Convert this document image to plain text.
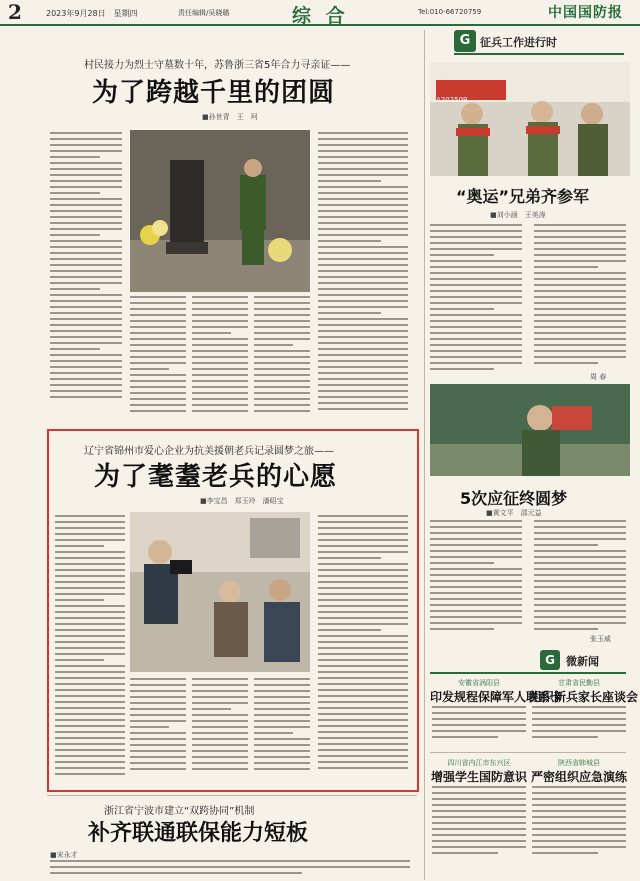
2	2023年9月28日　星期四	责任编辑/吴晓璐	综 合	Tel:010-66720759	中国国防报
村民接力为烈士守墓数十年，苏鲁浙三省5年合力寻亲证——
为了跨越千里的团圆
■孙世青　王　珂
辽宁省锦州市爱心企业为抗美援朝老兵记录圆梦之旅——
为了耄耋老兵的心愿
■李宝昌　郑玉玲　潘昭宝
浙江省宁波市建立“双跨协同”机制
补齐联通联保能力短板
■宋永才
G 征兵工作进行时
A202509
“奥运”兄弟齐参军
■刘小涵　王美涛
周 春
5次应征终圆梦
■黄文平　邵元益
张玉威
G	微新闻
安徽省涡阳县
印发规程保障军人联系卡
甘肃省民勤县
组织新兵家长座谈会
四川省内江市东兴区
增强学生国防意识
陕西省韩城县
严密组织应急演练
